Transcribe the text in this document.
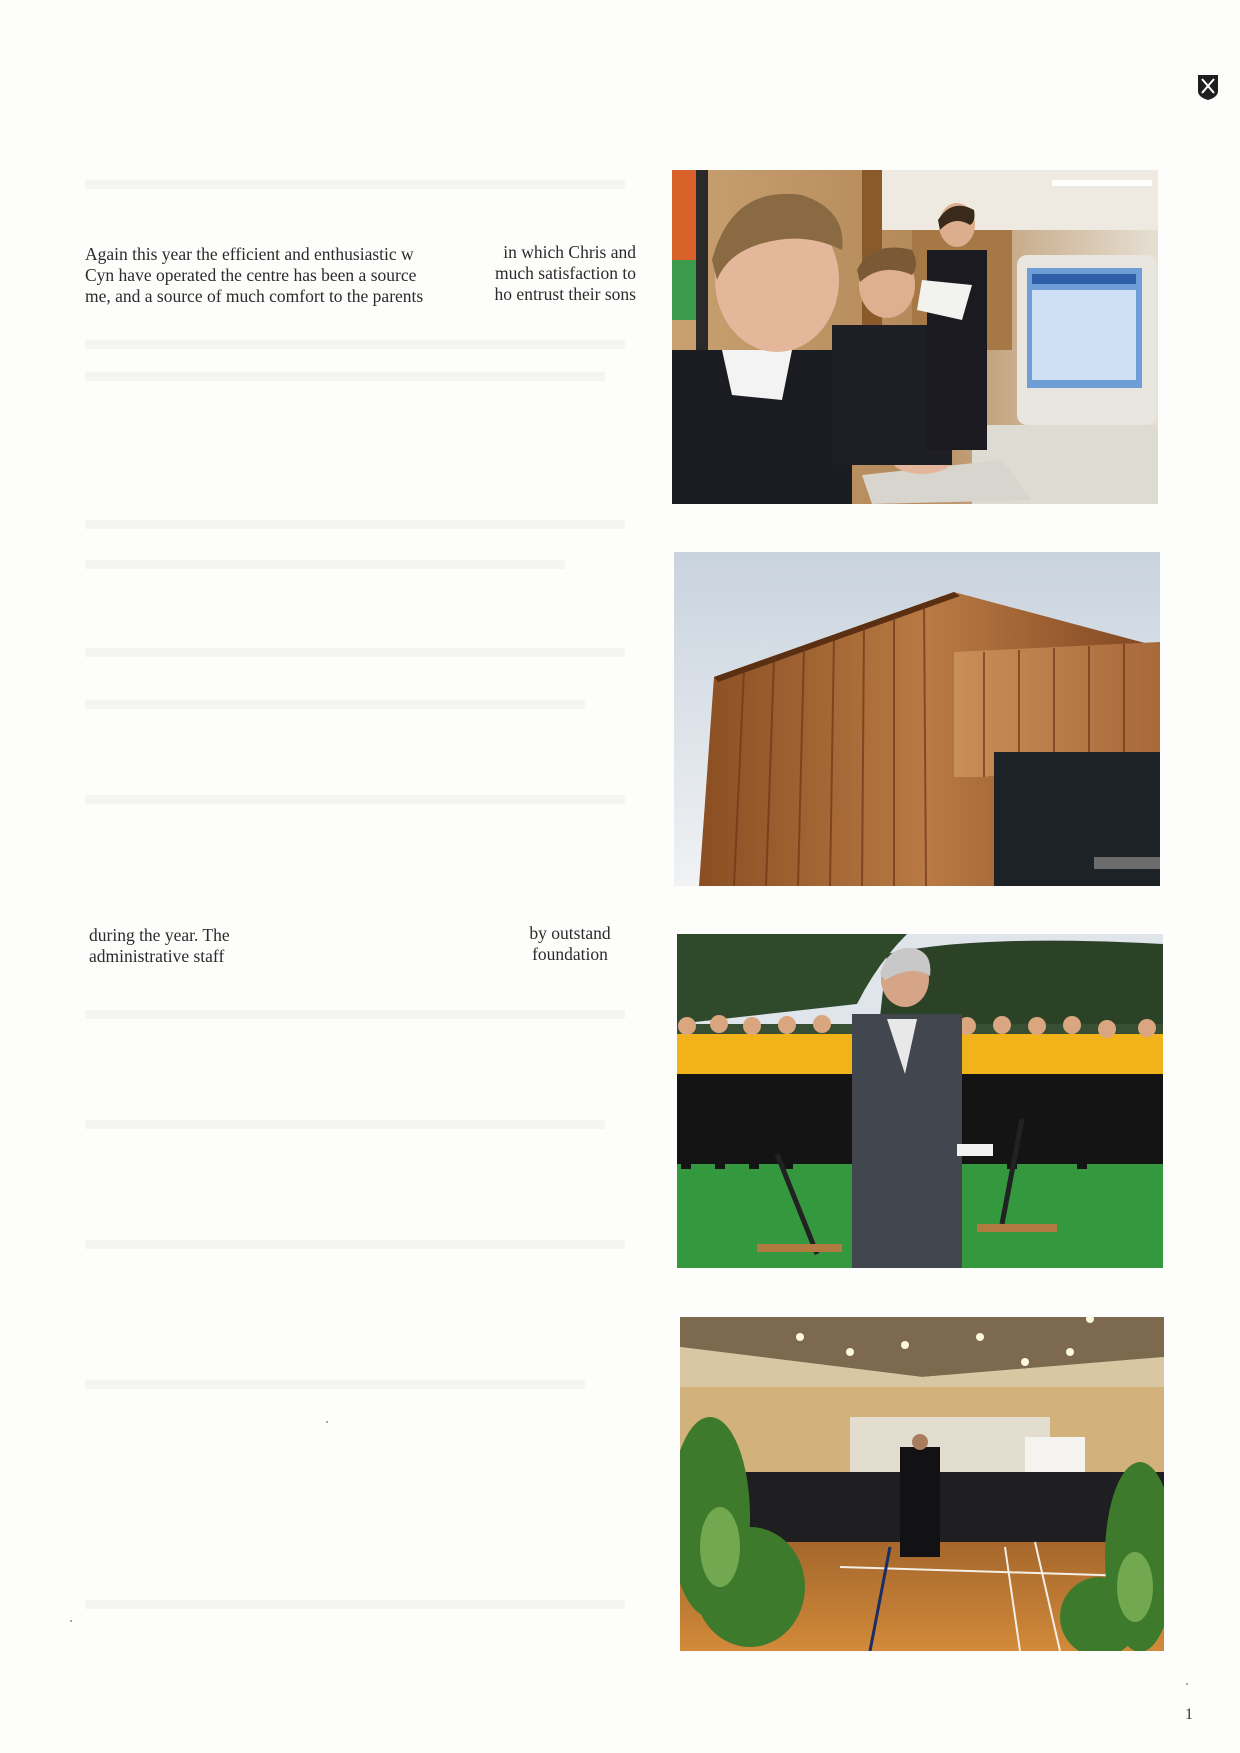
Again this year the efficient and enthusiastic w
Cyn have operated the centre has been a source
me, and a source of much comfort to the parents
in which Chris and
much satisfaction to
ho entrust their sons
during the year. The
administrative staff
by outstand
foundation
1
